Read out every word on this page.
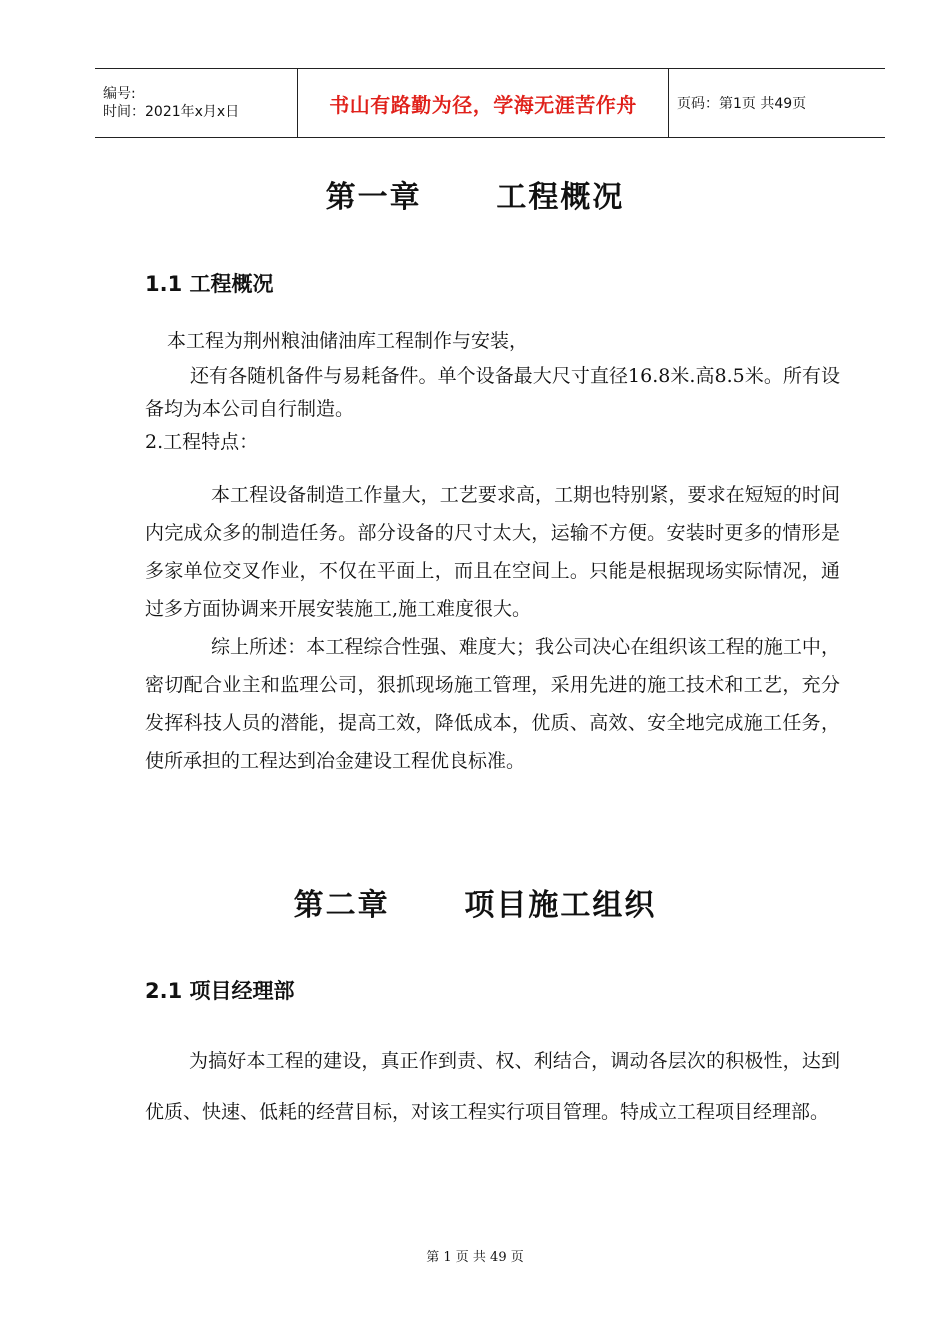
编号:
时间：2021年x月x日	书山有路勤为径，学海无涯苦作舟	页码：第1页 共49页
第一章      工程概况
1.1 工程概况

本工程为荆州粮油储油库工程制作与安装，

还有各随机备件与易耗备件。单个设备最大尺寸直径16.8米.高8.5米。所有设备均为本公司自行制造。

2.工程特点：

本工程设备制造工作量大，工艺要求高，工期也特别紧，要求在短短的时间内完成众多的制造任务。部分设备的尺寸太大，运输不方便。安装时更多的情形是多家单位交叉作业，不仅在平面上，而且在空间上。只能是根据现场实际情况，通过多方面协调来开展安装施工,施工难度很大。

综上所述：本工程综合性强、难度大；我公司决心在组织该工程的施工中，密切配合业主和监理公司，狠抓现场施工管理，采用先进的施工技术和工艺，充分发挥科技人员的潜能，提高工效，降低成本，优质、高效、安全地完成施工任务，使所承担的工程达到冶金建设工程优良标准。

第二章      项目施工组织
2.1 项目经理部

为搞好本工程的建设，真正作到责、权、利结合，调动各层次的积极性，达到优质、快速、低耗的经营目标，对该工程实行项目管理。特成立工程项目经理部。

第 1 页 共 49 页
